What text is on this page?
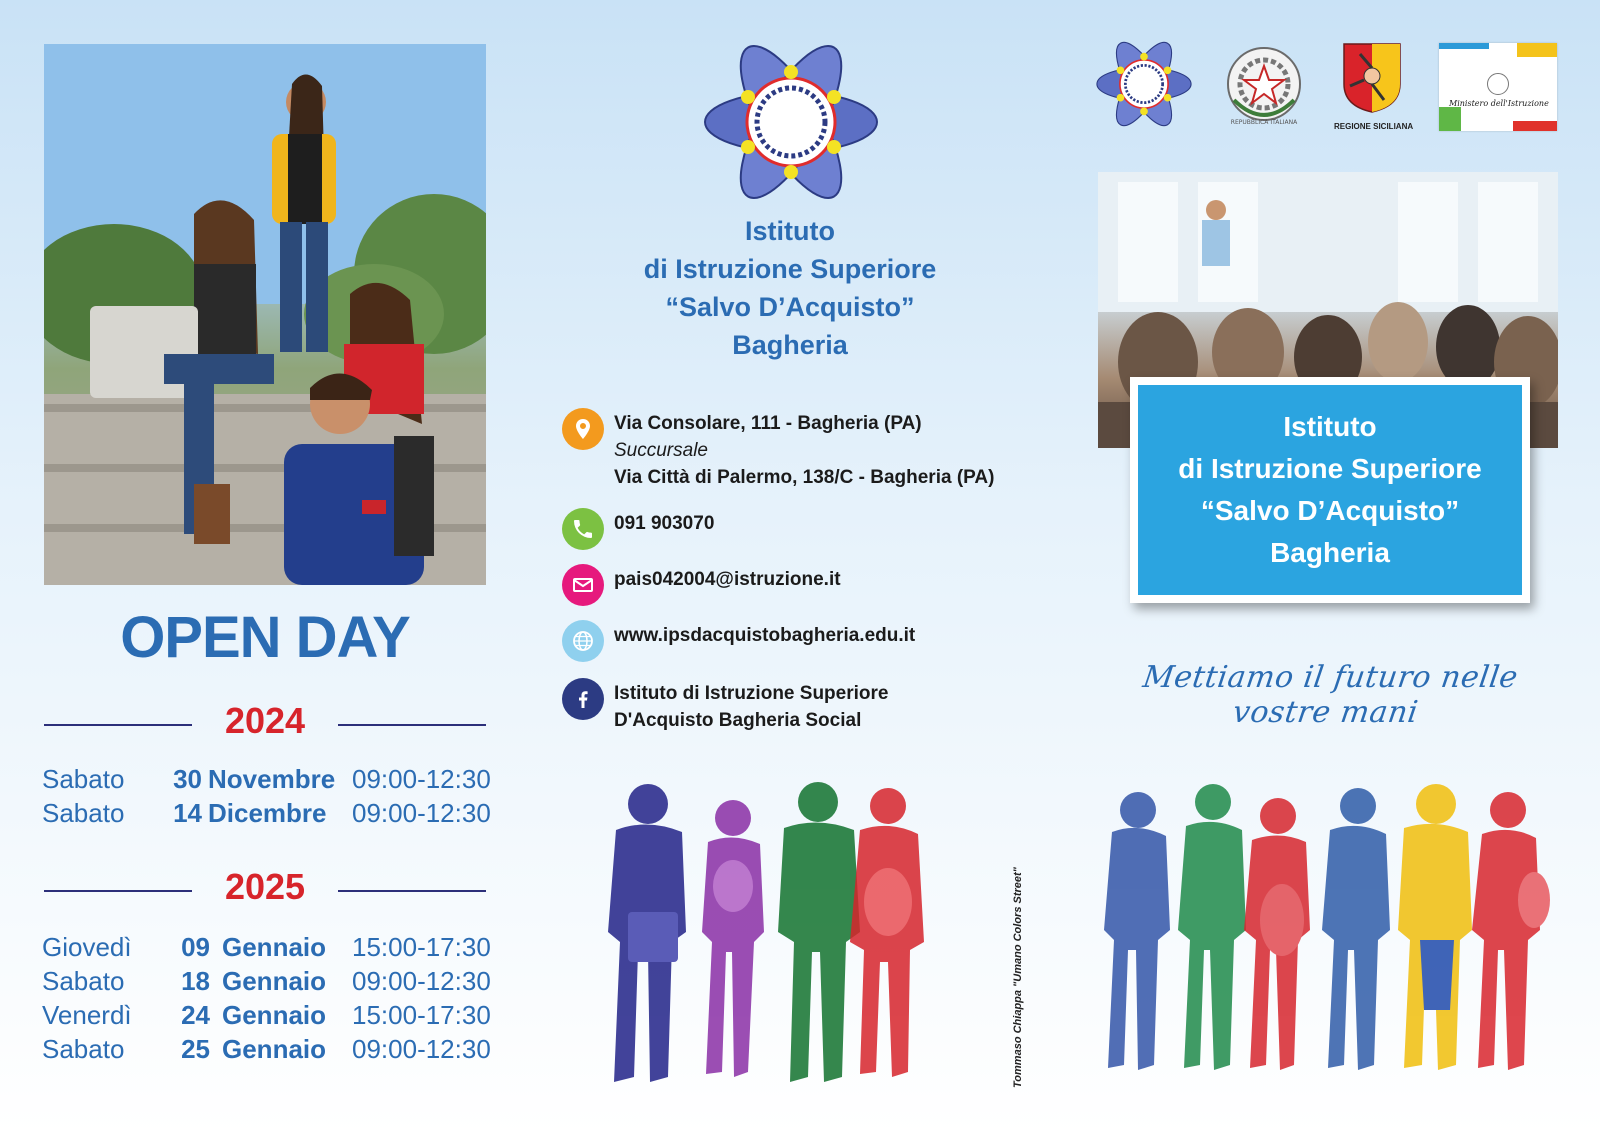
OPEN DAY
2024
Sabato	30 Novembre 09:00-12:30
Sabato	14 Dicembre 09:00-12:30
2025
Giovedì	09 Gennaio 15:00-17:30
Sabato	18 Gennaio 09:00-12:30
Venerdì	24 Gennaio 15:00-17:30
Sabato	25 Gennaio 09:00-12:30
Istituto
di Istruzione Superiore
“Salvo D’Acquisto”
Bagheria
Via Consolare, 111 - Bagheria (PA)
Succursale
Via Città di Palermo, 138/C - Bagheria (PA)
091 903070
pais042004@istruzione.it
www.ipsdacquistobagheria.edu.it
Istituto di Istruzione Superiore
D'Acquisto Bagheria Social
Tommaso Chiappa "Umano Colors Street"
REPUBBLICA ITALIANA	REGIONE SICILIANA
Ministero dell'Istruzione
Istituto
di Istruzione Superiore
“Salvo D’Acquisto”
Bagheria
Mettiamo il futuro nelle vostre mani
